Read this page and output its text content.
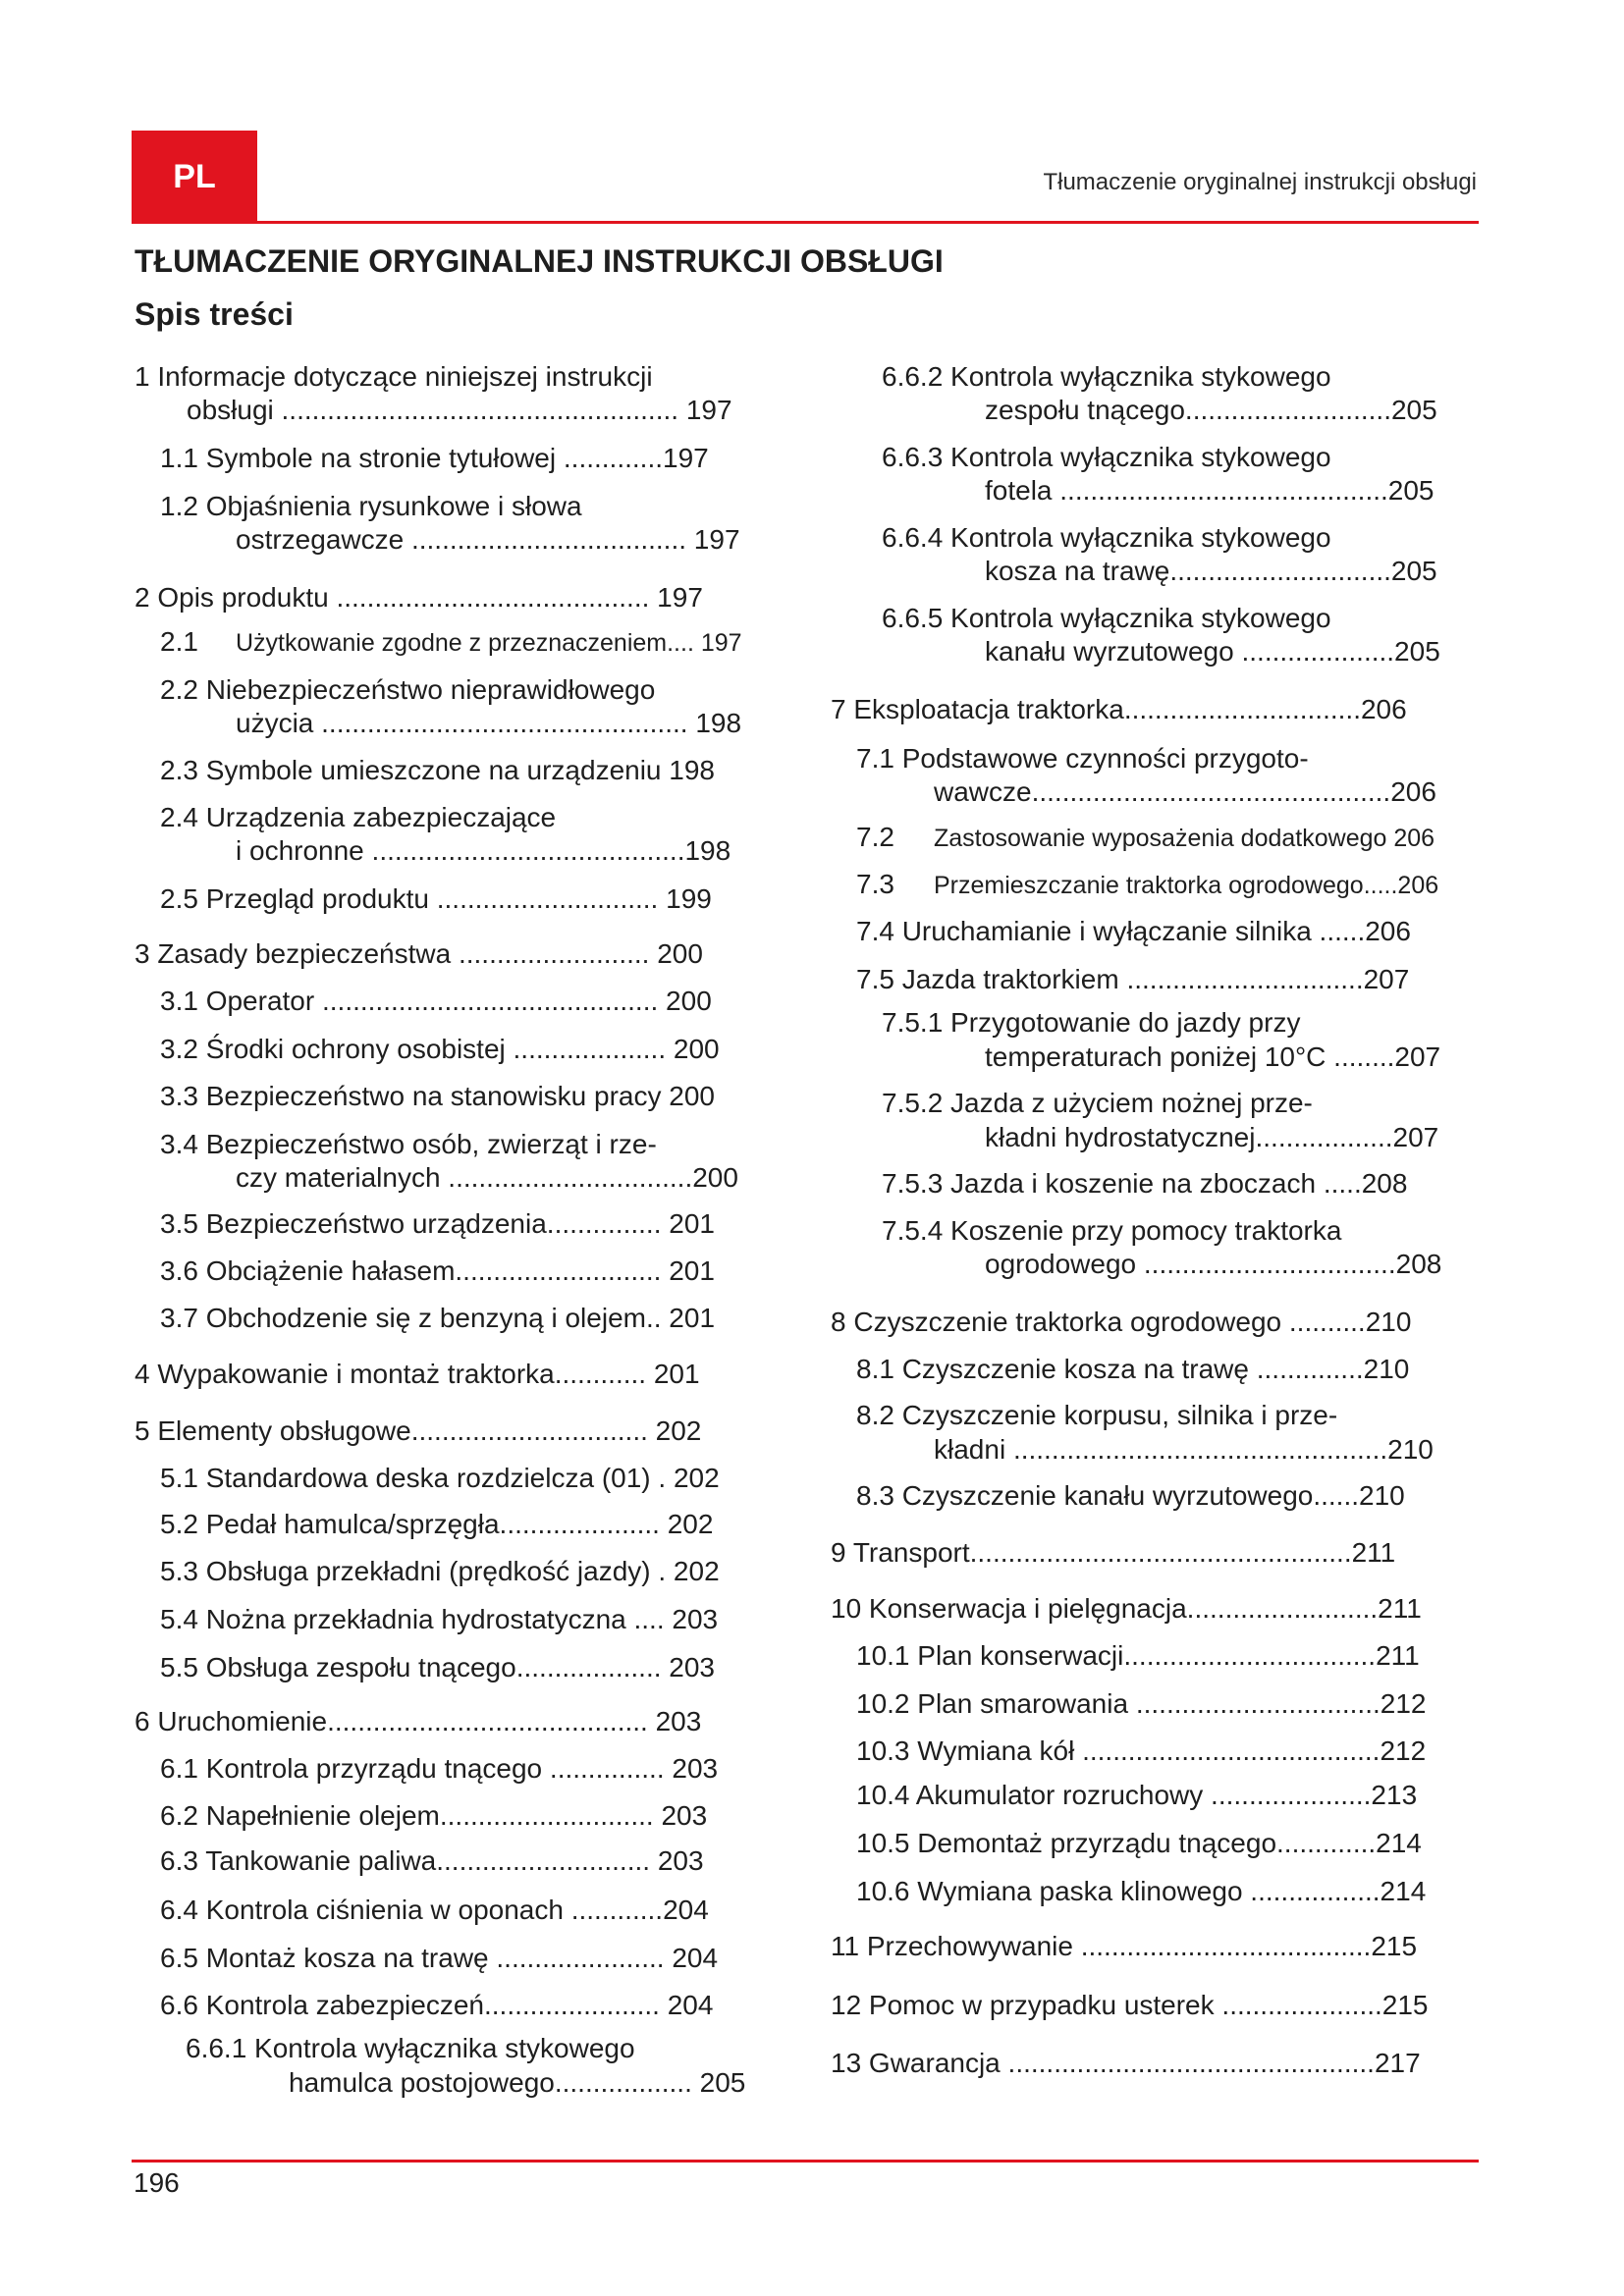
PL	Tłumaczenie oryginalnej instrukcji obsługi
TŁUMACZENIE ORYGINALNEJ INSTRUKCJI OBSŁUGI
Spis treści
1 Informacje dotyczące niniejszej instrukcji
obsługi .................................................... 197
1.1 Symbole na stronie tytułowej .............197
1.2 Objaśnienia rysunkowe i słowa
ostrzegawcze .................................... 197
2 Opis produktu ......................................... 197
2.1 Użytkowanie zgodne z przeznaczeniem.... 197
2.2 Niebezpieczeństwo nieprawidłowego
użycia ................................................ 198
2.3 Symbole umieszczone na urządzeniu 198
2.4 Urządzenia zabezpieczające
i ochronne .........................................198
2.5 Przegląd produktu ............................. 199
3 Zasady bezpieczeństwa ......................... 200
3.1 Operator ............................................ 200
3.2 Środki ochrony osobistej .................... 200
3.3 Bezpieczeństwo na stanowisku pracy 200
3.4 Bezpieczeństwo osób, zwierząt i rze-
czy materialnych ................................200
3.5 Bezpieczeństwo urządzenia............... 201
3.6 Obciążenie hałasem........................... 201
3.7 Obchodzenie się z benzyną i olejem.. 201
4 Wypakowanie i montaż traktorka............ 201
5 Elementy obsługowe............................... 202
5.1 Standardowa deska rozdzielcza (01) . 202
5.2 Pedał hamulca/sprzęgła..................... 202
5.3 Obsługa przekładni (prędkość jazdy) . 202
5.4 Nożna przekładnia hydrostatyczna .... 203
5.5 Obsługa zespołu tnącego................... 203
6 Uruchomienie.......................................... 203
6.1 Kontrola przyrządu tnącego ............... 203
6.2 Napełnienie olejem............................ 203
6.3 Tankowanie paliwa............................ 203
6.4 Kontrola ciśnienia w oponach ............204
6.5 Montaż kosza na trawę ...................... 204
6.6 Kontrola zabezpieczeń....................... 204
6.6.1 Kontrola wyłącznika stykowego
hamulca postojowego.................. 205
6.6.2 Kontrola wyłącznika stykowego
zespołu tnącego...........................205
6.6.3 Kontrola wyłącznika stykowego
fotela ...........................................205
6.6.4 Kontrola wyłącznika stykowego
kosza na trawę.............................205
6.6.5 Kontrola wyłącznika stykowego
kanału wyrzutowego ....................205
7 Eksploatacja traktorka...............................206
7.1 Podstawowe czynności przygoto-
wawcze...............................................206
7.2 Zastosowanie wyposażenia dodatkowego 206
7.3 Przemieszczanie traktorka ogrodowego.....206
7.4 Uruchamianie i wyłączanie silnika ......206
7.5 Jazda traktorkiem ...............................207
7.5.1 Przygotowanie do jazdy przy
temperaturach poniżej 10°C ........207
7.5.2 Jazda z użyciem nożnej prze-
kładni hydrostatycznej..................207
7.5.3 Jazda i koszenie na zboczach .....208
7.5.4 Koszenie przy pomocy traktorka
ogrodowego .................................208
8 Czyszczenie traktorka ogrodowego ..........210
8.1 Czyszczenie kosza na trawę ..............210
8.2 Czyszczenie korpusu, silnika i prze-
kładni .................................................210
8.3 Czyszczenie kanału wyrzutowego......210
9 Transport..................................................211
10 Konserwacja i pielęgnacja.........................211
10.1 Plan konserwacji.................................211
10.2 Plan smarowania ................................212
10.3 Wymiana kół .......................................212
10.4 Akumulator rozruchowy .....................213
10.5 Demontaż przyrządu tnącego.............214
10.6 Wymiana paska klinowego .................214
11 Przechowywanie ......................................215
12 Pomoc w przypadku usterek .....................215
13 Gwarancja ................................................217
196
